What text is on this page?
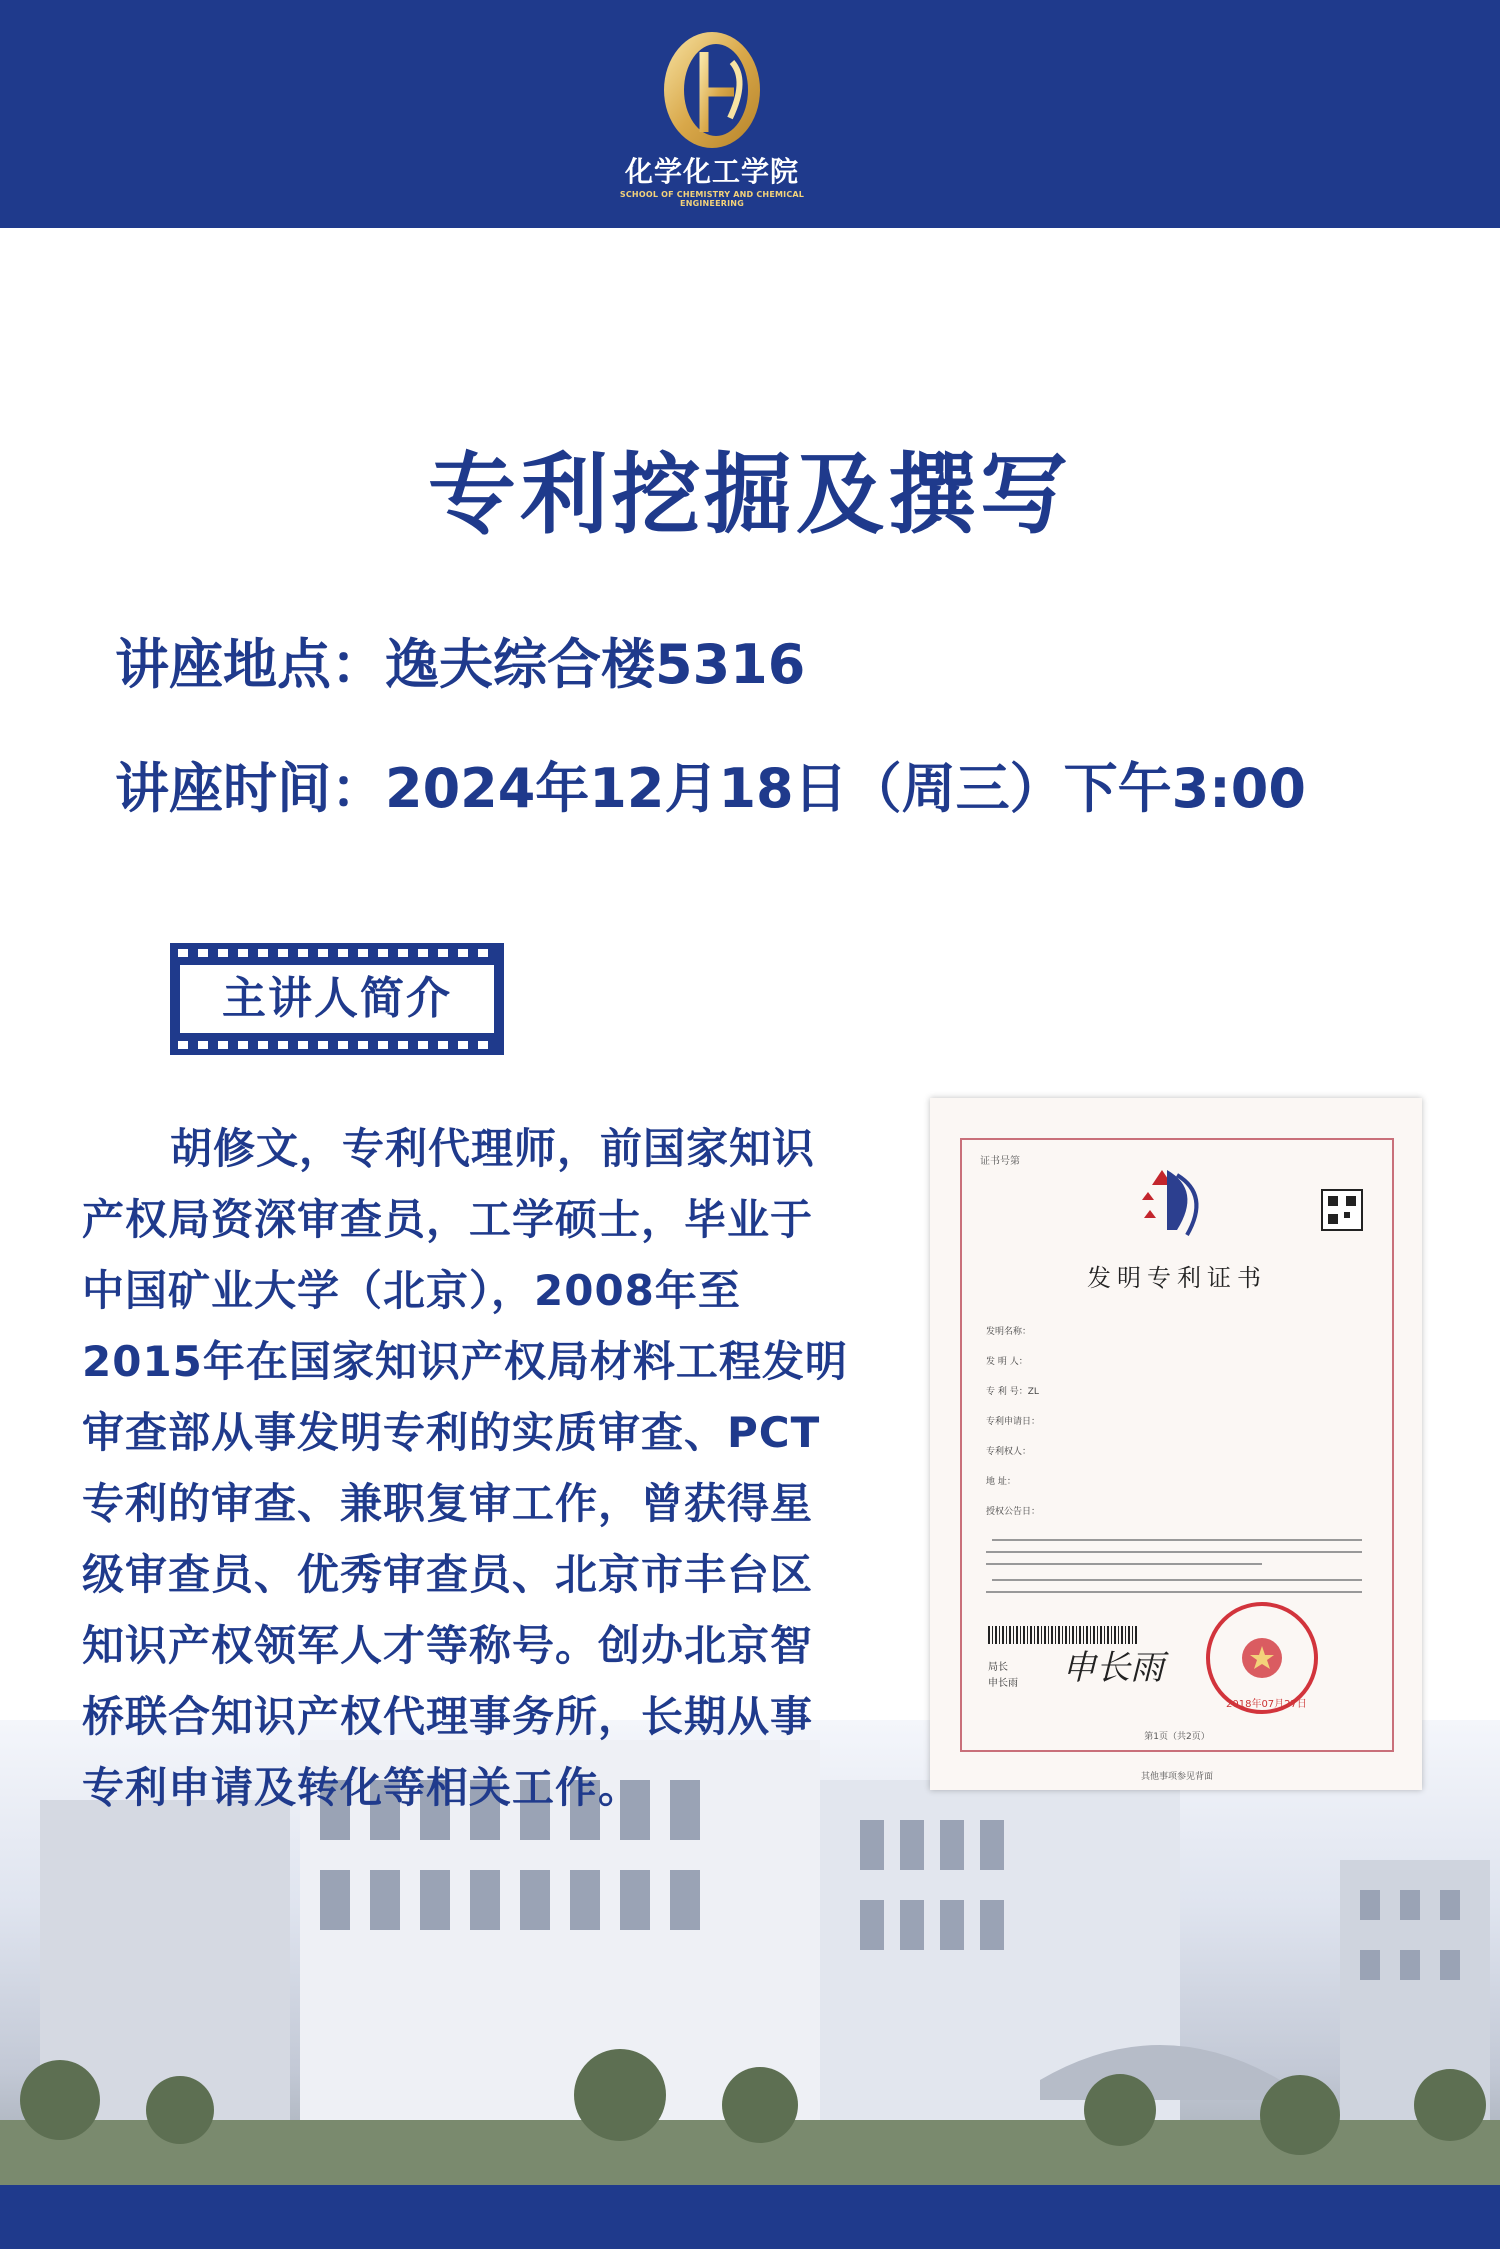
化学化工学院
SCHOOL OF CHEMISTRY AND CHEMICAL ENGINEERING
专利挖掘及撰写
讲座地点：逸夫综合楼5316
讲座时间：2024年12月18日（周三）下午3:00
主讲人简介
胡修文，专利代理师，前国家知识产权局资深审查员，工学硕士，毕业于中国矿业大学（北京），2008年至2015年在国家知识产权局材料工程发明审查部从事发明专利的实质审查、PCT专利的审查、兼职复审工作，曾获得星级审查员、优秀审查员、北京市丰台区知识产权领军人才等称号。创办北京智桥联合知识产权代理事务所，长期从事专利申请及转化等相关工作。
证书号第
发明专利证书
发明名称：
发 明 人：
专 利 号：ZL
专利申请日：
专利权人：
地 址：
授权公告日：
局长
申长雨 申长雨
2018年07月27日
第1页（共2页）
其他事项参见背面
